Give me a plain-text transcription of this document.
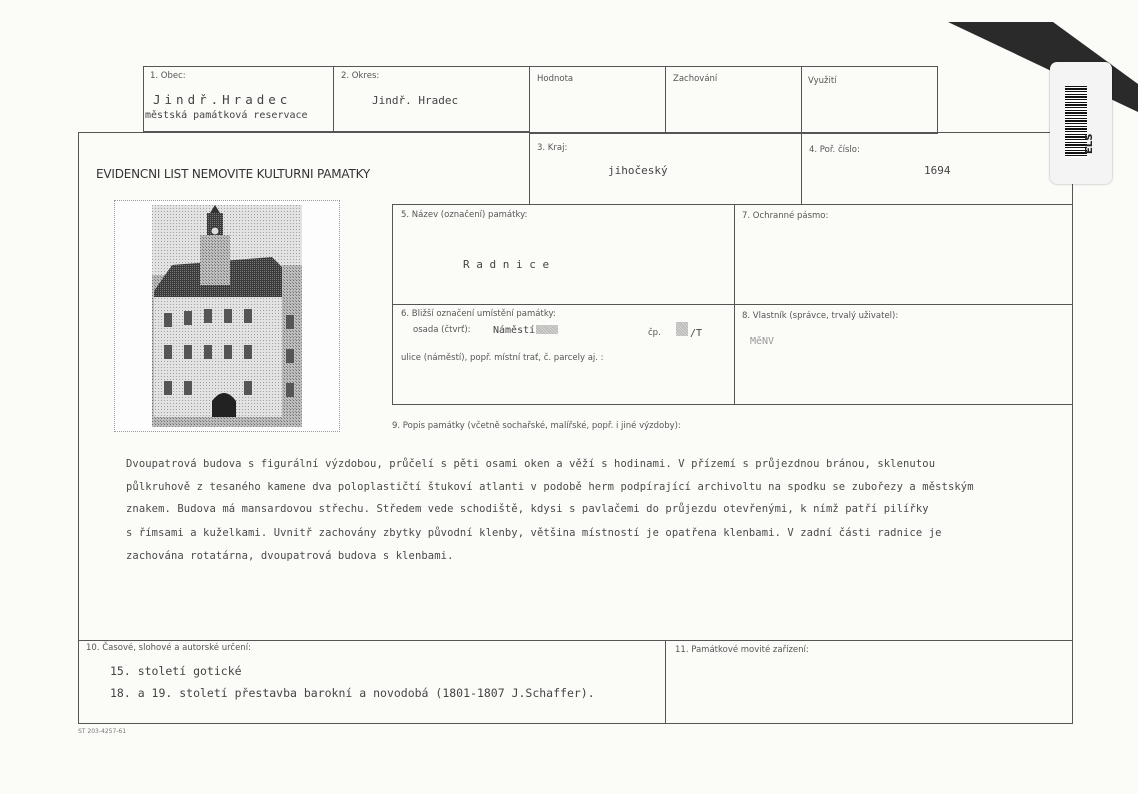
1. Obec:
Jindř.Hradec
městská památková reservace
2. Okres:
Jindř. Hradec
Hodnota	Zachování	Využití
EVIDENCNI LIST NEMOVITE KULTURNI PAMATKY
3. Kraj:
jihočeský
4. Poř. číslo:
1694
5. Název (označení) památky:
R a d n i c e
7. Ochranné pásmo:
6. Bližší označení umístění památky:
osada (čtvrť): Náměstí	čp.	/T
ulice (náměstí), popř. místní trať, č. parcely aj. :
8. Vlastník (správce, trvalý uživatel):
MěNV
9. Popis památky (včetně sochařské, malířské, popř. i jiné výzdoby):
Dvoupatrová budova s figurální výzdobou, průčelí s pěti osami oken a věží s hodinami. V přízemí s průjezdnou bránou, sklenutou
půlkruhově z tesaného kamene dva poloplastičtí štukoví atlanti v podobě herm podpírající archivoltu na spodku se zubořezy a městským
znakem. Budova má mansardovou střechu. Středem vede schodiště, kdysi s pavlačemi do průjezdu otevřenými, k nímž patří pilířky
s římsami a kuželkami. Uvnitř zachovány zbytky původní klenby, většina místností je opatřena klenbami. V zadní části radnice je
zachována rotatárna, dvoupatrová budova s klenbami.
10. Časové, slohové a autorské určení:
15. století gotické
18. a 19. století přestavba barokní a novodobá (1801-1807 J.Schaffer).
11. Památkové movité zařízení:
ST 203-4257-61
ELS
